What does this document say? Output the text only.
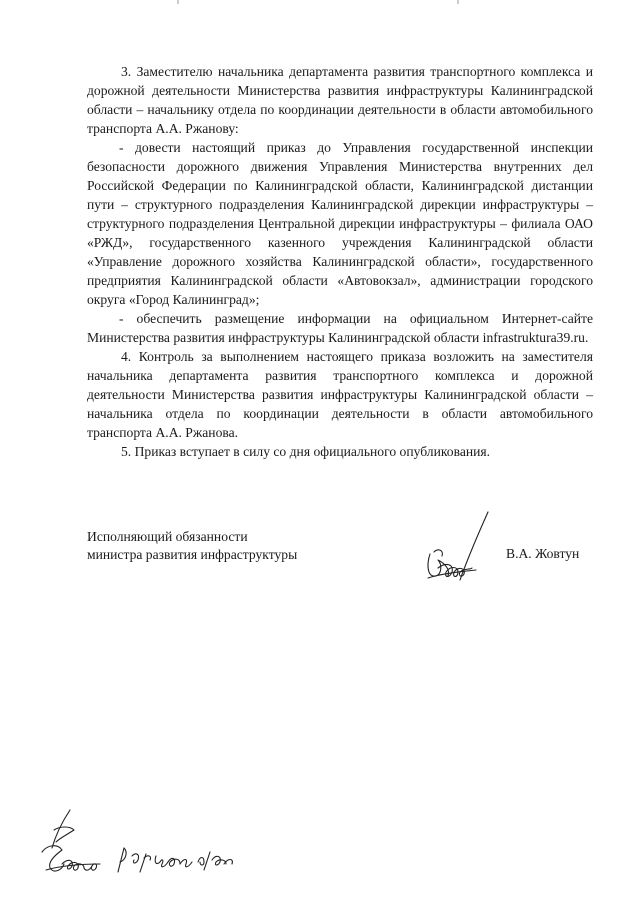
3. Заместителю начальника департамента развития транспортного комплекса и дорожной деятельности Министерства развития инфраструктуры Калининградской области – начальнику отдела по координации деятельности в области автомобильного транспорта А.А. Ржанову:

- довести настоящий приказ до Управления государственной инспекции безопасности дорожного движения Управления Министерства внутренних дел Российской Федерации по Калининградской области, Калининградской дистанции пути – структурного подразделения Калининградской дирекции инфраструктуры – структурного подразделения Центральной дирекции инфраструктуры – филиала ОАО «РЖД», государственного казенного учреждения Калининградской области «Управление дорожного хозяйства Калининградской области», государственного предприятия Калининградской области «Автовокзал», администрации городского округа «Город Калининград»;

- обеспечить размещение информации на официальном Интернет-сайте Министерства развития инфраструктуры Калининградской области infrastruktura39.ru.

4. Контроль за выполнением настоящего приказа возложить на заместителя начальника департамента развития транспортного комплекса и дорожной деятельности Министерства развития инфраструктуры Калининградской области – начальника отдела по координации деятельности в области автомобильного транспорта А.А. Ржанова.

5. Приказ вступает в силу со дня официального опубликования.

Исполняющий обязанности
министра развития инфраструктуры	В.А. Жовтун
